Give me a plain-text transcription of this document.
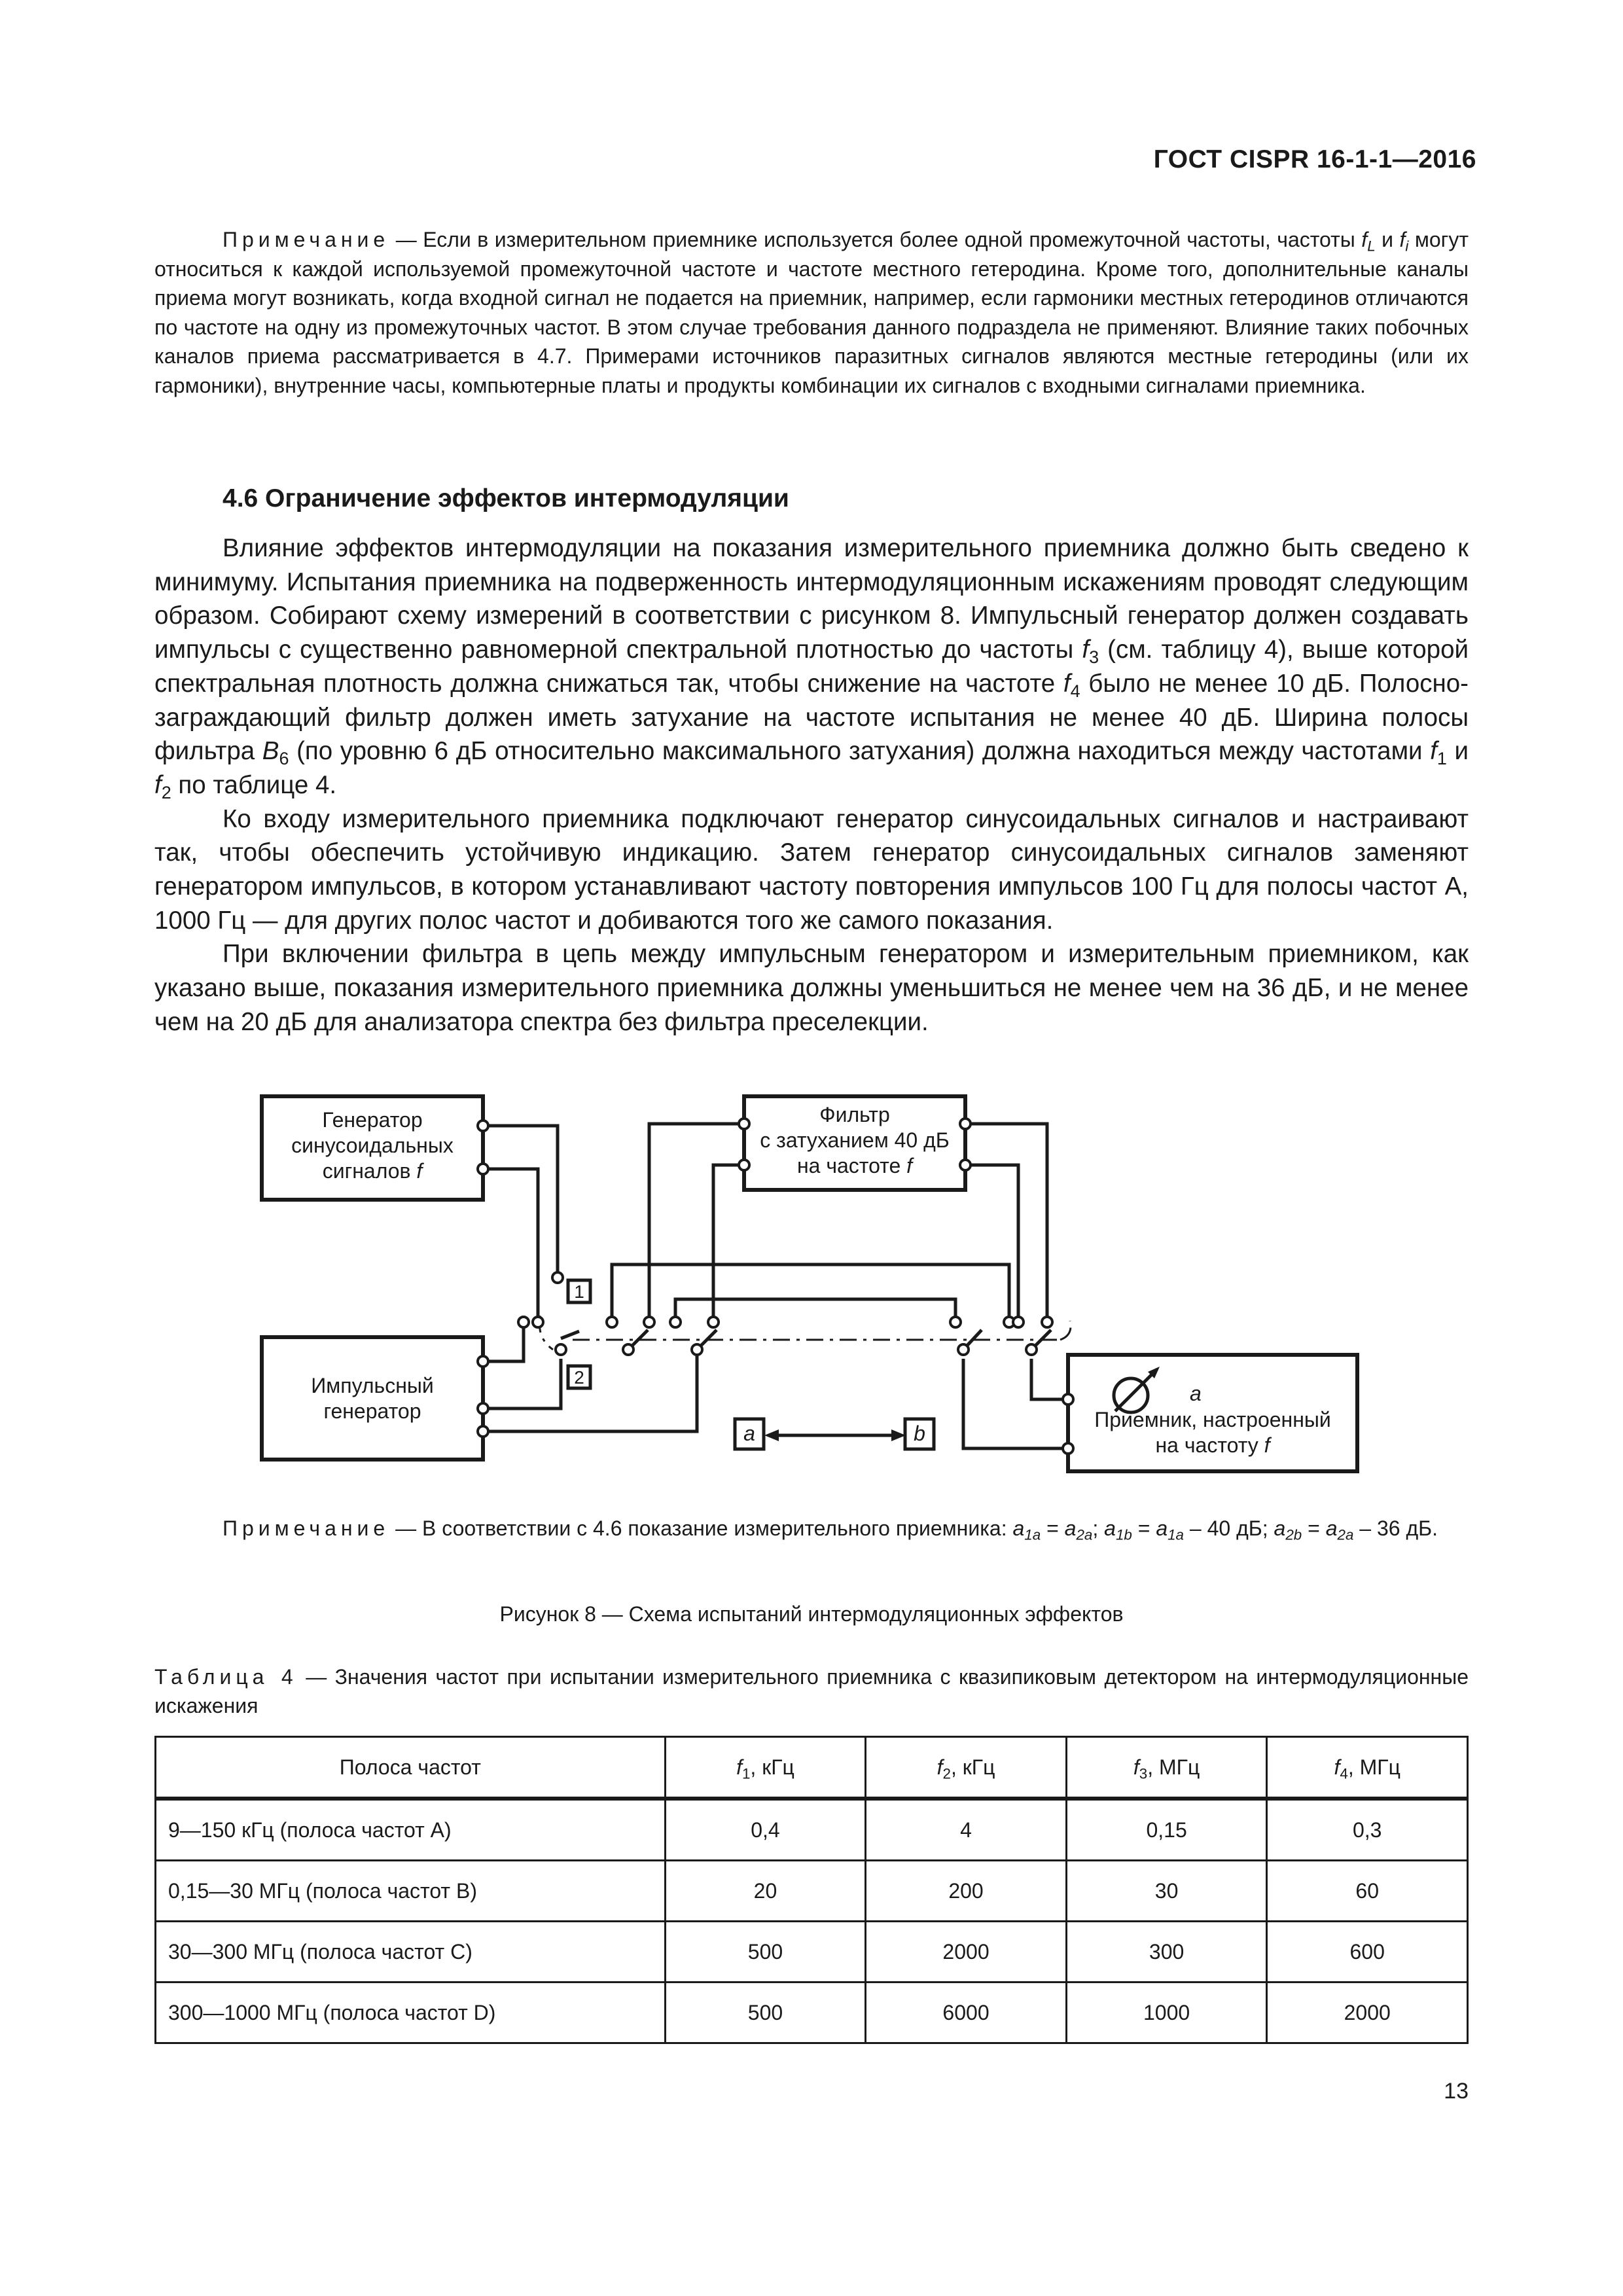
ГОСТ CISPR 16-1-1—2016

Примечание — Если в измерительном приемнике используется более одной промежуточной частоты, частоты $f_L$ и $f_i$ могут относиться к каждой используемой промежуточной частоте и частоте местного гетеродина. Кроме того, дополнительные каналы приема могут возникать, когда входной сигнал не подается на приемник, например, если гармоники местных гетеродинов отличаются по частоте на одну из промежуточных частот. В этом случае требования данного подраздела не применяют. Влияние таких побочных каналов приема рассматривается в 4.7. Примерами источников паразитных сигналов являются местные гетеродины (или их гармоники), внутренние часы, компьютерные платы и продукты комбинации их сигналов с входными сигналами приемника.

4.6 Ограничение эффектов интермодуляции

Влияние эффектов интермодуляции на показания измерительного приемника должно быть сведено к минимуму. Испытания приемника на подверженность интермодуляционным искажениям проводят следующим образом. Собирают схему измерений в соответствии с рисунком 8. Импульсный генератор должен создавать импульсы с существенно равномерной спектральной плотностью до частоты $f_3$ (см. таблицу 4), выше которой спектральная плотность должна снижаться так, чтобы снижение на частоте $f_4$ было не менее 10 дБ. Полосно-заграждающий фильтр должен иметь затухание на частоте испытания не менее 40 дБ. Ширина полосы фильтра $B_6$ (по уровню 6 дБ относительно максимального затухания) должна находиться между частотами $f_1$ и $f_2$ по таблице 4.

Ко входу измерительного приемника подключают генератор синусоидальных сигналов и настраивают так, чтобы обеспечить устойчивую индикацию. Затем генератор синусоидальных сигналов заменяют генератором импульсов, в котором устанавливают частоту повторения импульсов 100 Гц для полосы частот А, 1000 Гц — для других полос частот и добиваются того же самого показания.

При включении фильтра в цепь между импульсным генератором и измерительным приемником, как указано выше, показания измерительного приемника должны уменьшиться не менее чем на 36 дБ, и не менее чем на 20 дБ для анализатора спектра без фильтра преселекции.

Генератор
синусоидальных
сигналов f
Импульсный
генератор
Фильтр
с затуханием 40 дБ
на частоте f
a
Приемник, настроенный
на частоту f
1
2
a	b

Примечание — В соответствии с 4.6 показание измерительного приемника: $a_{1a} = a_{2a}$; $a_{1b} = a_{1a} - 40$ дБ; $a_{2b} = a_{2a} - 36$ дБ.

Рисунок 8 — Схема испытаний интермодуляционных эффектов

Таблица 4 — Значения частот при испытании измерительного приемника с квазипиковым детектором на интермодуляционные искажения

Полоса частот	$f_1$, кГц	$f_2$, кГц	$f_3$, МГц	$f_4$, МГц
9—150 кГц (полоса частот А)	0,4	4	0,15	0,3
0,15—30 МГц (полоса частот В)	20	200	30	60
30—300 МГц (полоса частот С)	500	2000	300	600
300—1000 МГц (полоса частот D)	500	6000	1000	2000
13
